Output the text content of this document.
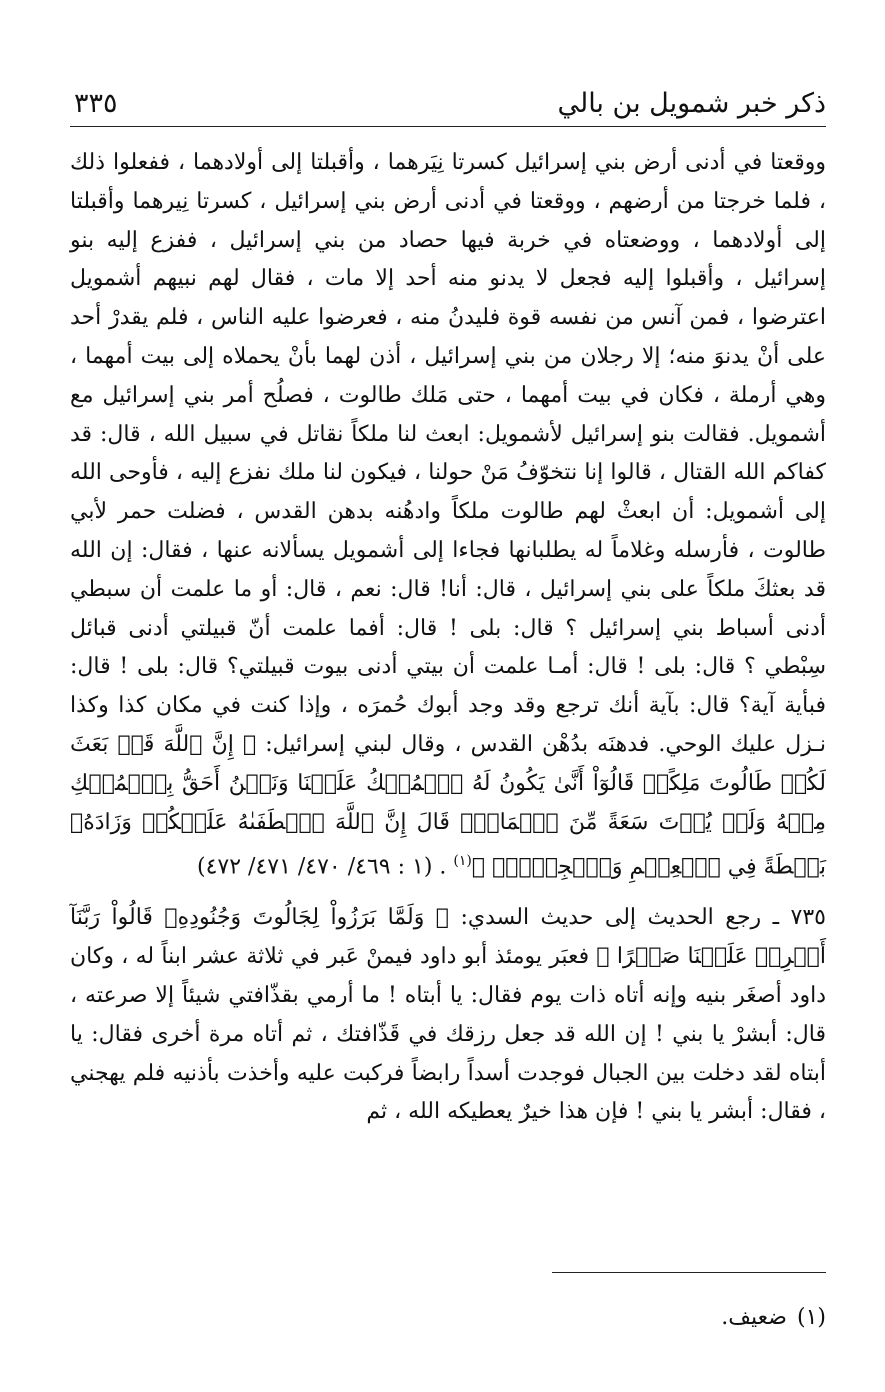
ذكر خبر شمويل بن بالي
٣٣٥

ووقعتا في أدنى أرض بني إسرائيل كسرتا نِيَرهما ، وأقبلتا إلى أولادهما ، ففعلوا ذلك ، فلما خرجتا من أرضهم ، ووقعتا في أدنى أرض بني إسرائيل ، كسرتا نِيرهما وأقبلتا إلى أولادهما ، ووضعتاه في خربة فيها حصاد من بني إسرائيل ، ففزع إليه بنو إسرائيل ، وأقبلوا إليه فجعل لا يدنو منه أحد إلا مات ، فقال لهم نبيهم أشمويل اعترضوا ، فمن آنس من نفسه قوة فليدنُ منه ، فعرضوا عليه الناس ، فلم يقدرْ أحد على أنْ يدنوَ منه؛ إلا رجلان من بني إسرائيل ، أذن لهما بأنْ يحملاه إلى بيت أمهما ، وهي أرملة ، فكان في بيت أمهما ، حتى مَلك طالوت ، فصلُح أمر بني إسرائيل مع أشمويل. فقالت بنو إسرائيل لأشمويل: ابعث لنا ملكاً نقاتل في سبيل الله ، قال: قد كفاكم الله القتال ، قالوا إنا نتخوّفُ مَنْ حولنا ، فيكون لنا ملك نفزع إليه ، فأوحى الله إلى أشمويل: أن ابعثْ لهم طالوت ملكاً وادهُنه بدهن القدس ، فضلت حمر لأبي طالوت ، فأرسله وغلاماً له يطلبانها فجاءا إلى أشمويل يسألانه عنها ، فقال: إن الله قد بعثكَ ملكاً على بني إسرائيل ، قال: أنا! قال: نعم ، قال: أو ما علمت أن سبطي أدنى أسباط بني إسرائيل ؟ قال: بلى ! قال: أفما علمت أنّ قبيلتي أدنى قبائل سِبْطي ؟ قال: بلى ! قال: أمـا علمت أن بيتي أدنى بيوت قبيلتي؟ قال: بلى ! قال: فبأية آية؟ قال: بآية أنك ترجع وقد وجد أبوك حُمرَه ، وإذا كنت في مكان كذا وكذا نـزل عليك الوحي. فدهنَه بدُهْن القدس ، وقال لبني إسرائيل: ﴿ إِنَّ ٱللَّهَ قَدۡ بَعَثَ لَكُمۡ طَالُوتَ مَلِكًاۚ قَالُوٓاْ أَنَّىٰ يَكُونُ لَهُ ٱلۡمُلۡكُ عَلَيۡنَا وَنَحۡنُ أَحَقُّ بِٱلۡمُلۡكِ مِنۡهُ وَلَمۡ يُؤۡتَ سَعَةً مِّنَ ٱلۡمَالِۚ قَالَ إِنَّ ٱللَّهَ ٱصۡطَفَىٰهُ عَلَيۡكُمۡ وَزَادَهُۥ بَسۡطَةً فِي ٱلۡعِلۡمِ وَٱلۡجِسۡمِۖ ﴾$^{(١)}$ . (١ : ٤٦٩/ ٤٧٠/ ٤٧١/ ٤٧٢)

٧٣٥ ـ رجع الحديث إلى حديث السدي: ﴿ وَلَمَّا بَرَزُواْ لِجَالُوتَ وَجُنُودِهِۦ قَالُواْ رَبَّنَآ أَفۡرِغۡ عَلَيۡنَا صَبۡرًا ﴾ فعبَر يومئذ أبو داود فيمنْ عَبر في ثلاثة عشر ابناً له ، وكان داود أصغَر بنيه وإنه أتاه ذات يوم فقال: يا أبتاه ! ما أرمي بقذّافتي شيئاً إلا صرعته ، قال: أبشرْ يا بني ! إن الله قد جعل رزقك في قَذّافتك ، ثم أتاه مرة أخرى فقال: يا أبتاه لقد دخلت بين الجبال فوجدت أسداً رابضاً فركبت عليه وأخذت بأذنيه فلم يهجني ، فقال: أبشر يا بني ! فإن هذا خيرٌ يعطيكه الله ، ثم

(١)ضعيف.
